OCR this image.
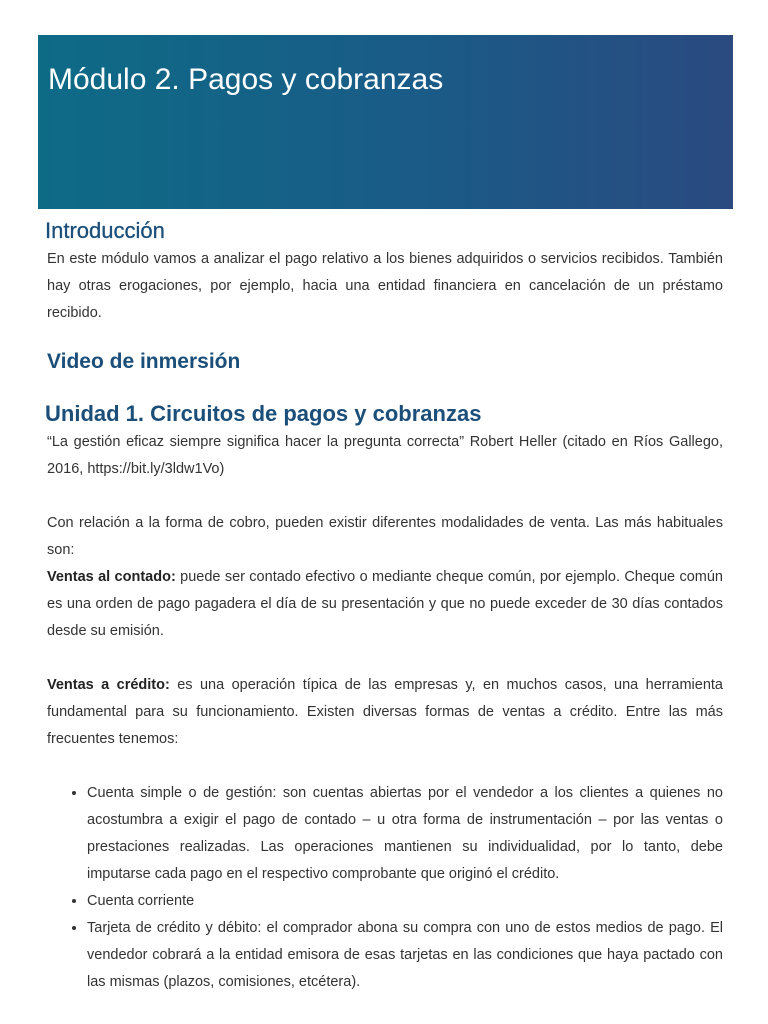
Módulo 2. Pagos y cobranzas
Introducción

En este módulo vamos a analizar el pago relativo a los bienes adquiridos o servicios recibidos. También hay otras erogaciones, por ejemplo, hacia una entidad financiera en cancelación de un préstamo recibido.

Video de inmersión
Unidad 1. Circuitos de pagos y cobranzas

“La gestión eficaz siempre significa hacer la pregunta correcta” Robert Heller (citado en Ríos Gallego, 2016, https://bit.ly/3ldw1Vo)

Con relación a la forma de cobro, pueden existir diferentes modalidades de venta. Las más habituales son:

Ventas al contado: puede ser contado efectivo o mediante cheque común, por ejemplo. Cheque común es una orden de pago pagadera el día de su presentación y que no puede exceder de 30 días contados desde su emisión.

Ventas a crédito: es una operación típica de las empresas y, en muchos casos, una herramienta fundamental para su funcionamiento. Existen diversas formas de ventas a crédito. Entre las más frecuentes tenemos:

• Cuenta simple o de gestión: son cuentas abiertas por el vendedor a los clientes a quienes no acostumbra a exigir el pago de contado – u otra forma de instrumentación – por las ventas o prestaciones realizadas. Las operaciones mantienen su individualidad, por lo tanto, debe imputarse cada pago en el respectivo comprobante que originó el crédito.
• Cuenta corriente
• Tarjeta de crédito y débito: el comprador abona su compra con uno de estos medios de pago. El vendedor cobrará a la entidad emisora de esas tarjetas en las condiciones que haya pactado con las mismas (plazos, comisiones, etcétera).
